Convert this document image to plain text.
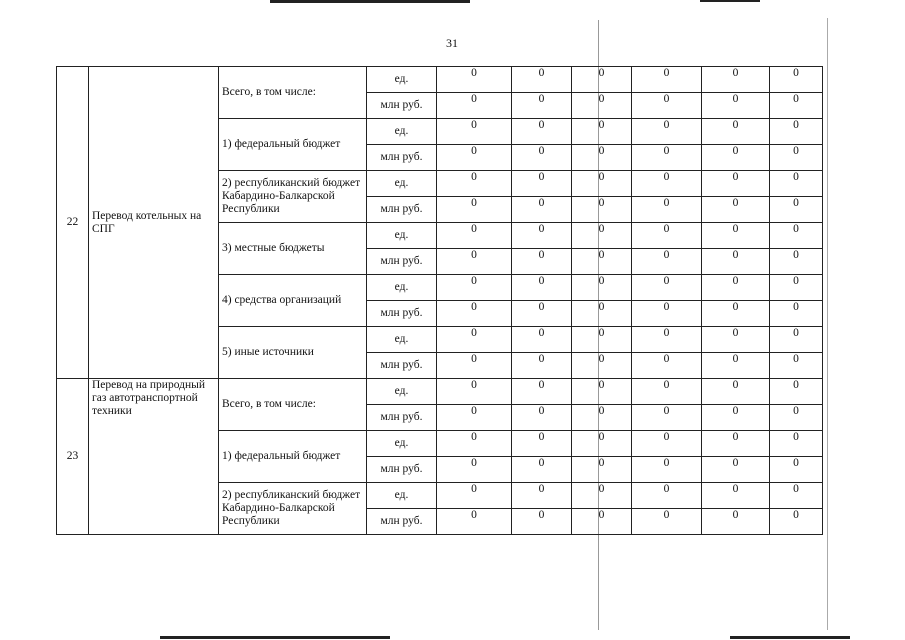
31
22	Перевод котельных на СПГ	Всего, в том числе:	ед.	0	0	0	0	0	0
			млн руб.	0	0	0	0	0	0
		1) федеральный бюджет	ед.	0	0	0	0	0	0
			млн руб.	0	0	0	0	0	0
		2) республиканский бюджет Кабардино-Балкарской Республики	ед.	0	0	0	0	0	0
			млн руб.	0	0	0	0	0	0
		3) местные бюджеты	ед.	0	0	0	0	0	0
			млн руб.	0	0	0	0	0	0
		4) средства организаций	ед.	0	0	0	0	0	0
			млн руб.	0	0	0	0	0	0
		5) иные источники	ед.	0	0	0	0	0	0
			млн руб.	0	0	0	0	0	0
23	Перевод на природный газ автотранспортной техники	Всего, в том числе:	ед.	0	0	0	0	0	0
			млн руб.	0	0	0	0	0	0
		1) федеральный бюджет	ед.	0	0	0	0	0	0
			млн руб.	0	0	0	0	0	0
		2) республиканский бюджет Кабардино-Балкарской Республики	ед.	0	0	0	0	0	0
			млн руб.	0	0	0	0	0	0
